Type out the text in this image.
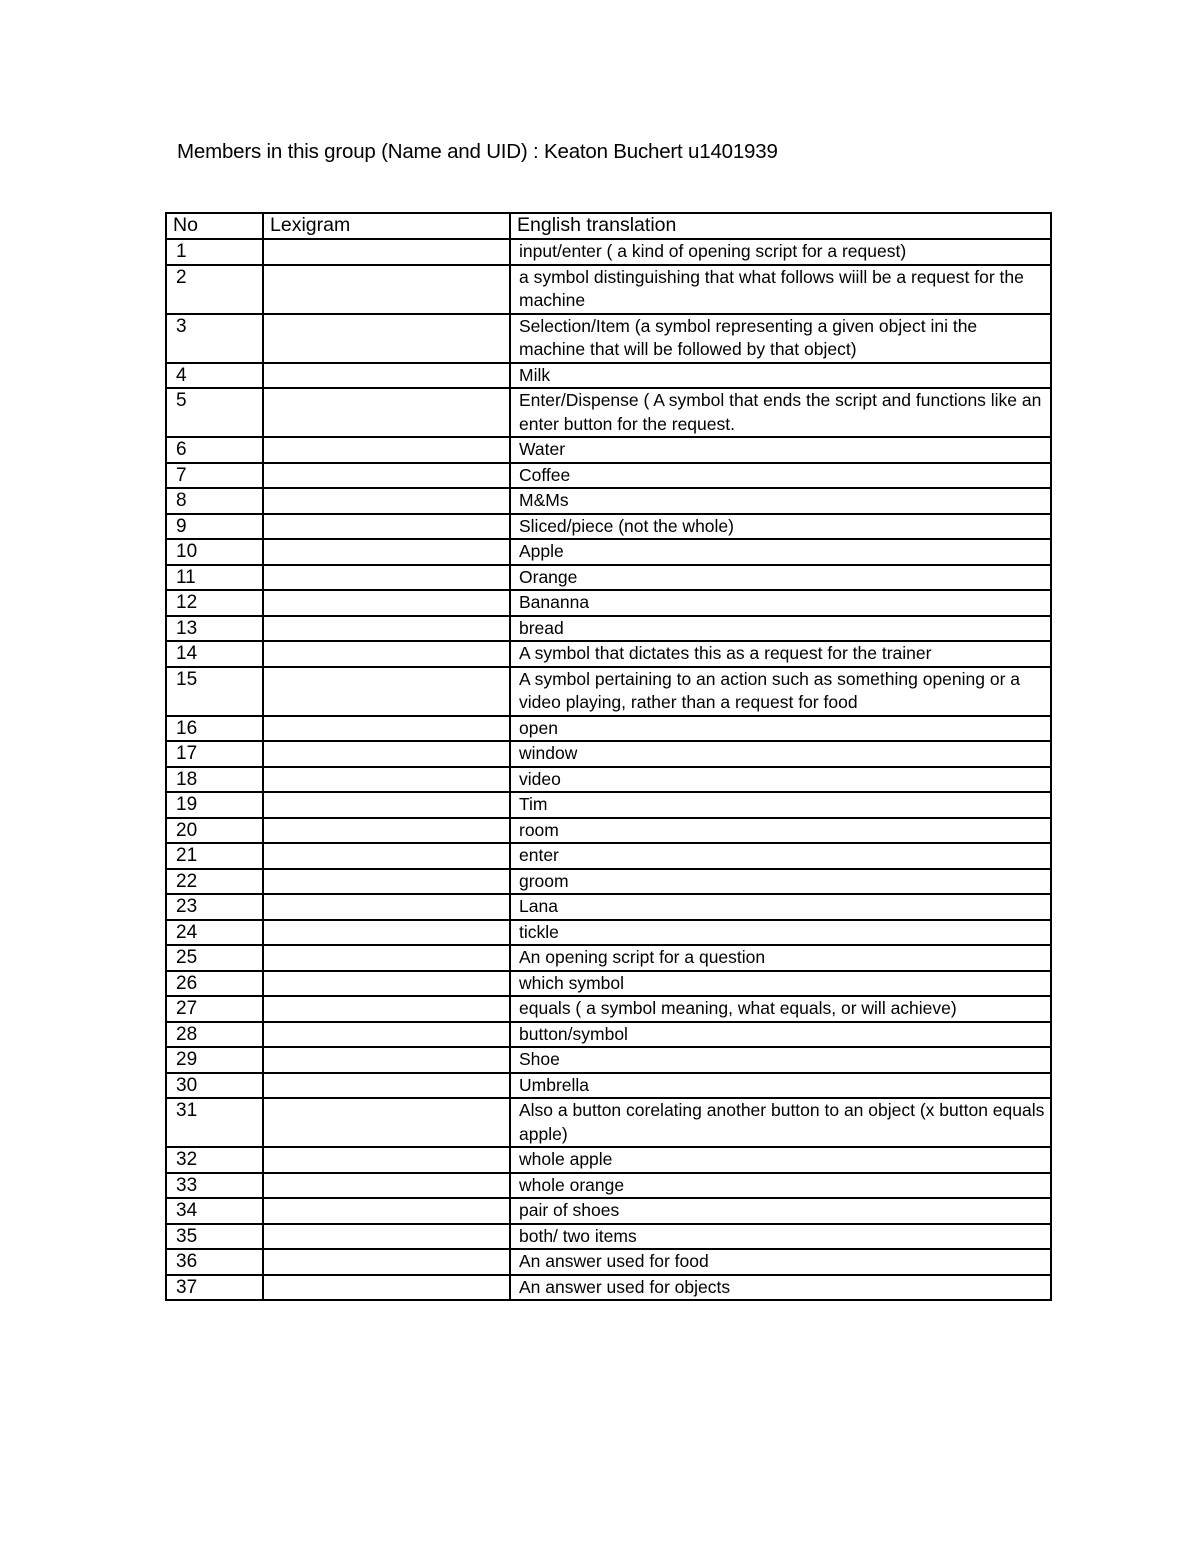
Members in this group (Name and UID) : Keaton Buchert u1401939
No	Lexigram	English translation
1		input/enter ( a kind of opening script for a request)
2		a symbol distinguishing that what follows wiill be a request for the machine
3		Selection/Item (a symbol representing a given object ini the machine that will be followed by that object)
4		Milk
5		Enter/Dispense ( A symbol that ends the script and functions like an enter button for the request.
6		Water
7		Coffee
8		M&Ms
9		Sliced/piece (not the whole)
10		Apple
11		Orange
12		Bananna
13		bread
14		A symbol that dictates this as a request for the trainer
15		A symbol pertaining to an action such as something opening or a video playing, rather than a request for food
16		open
17		window
18		video
19		Tim
20		room
21		enter
22		groom
23		Lana
24		tickle
25		An opening script for a question
26		which symbol
27		equals ( a symbol meaning, what equals, or will achieve)
28		button/symbol
29		Shoe
30		Umbrella
31		Also a button corelating another button to an object (x button equals apple)
32		whole apple
33		whole orange
34		pair of shoes
35		both/ two items
36		An answer used for food
37		An answer used for objects
